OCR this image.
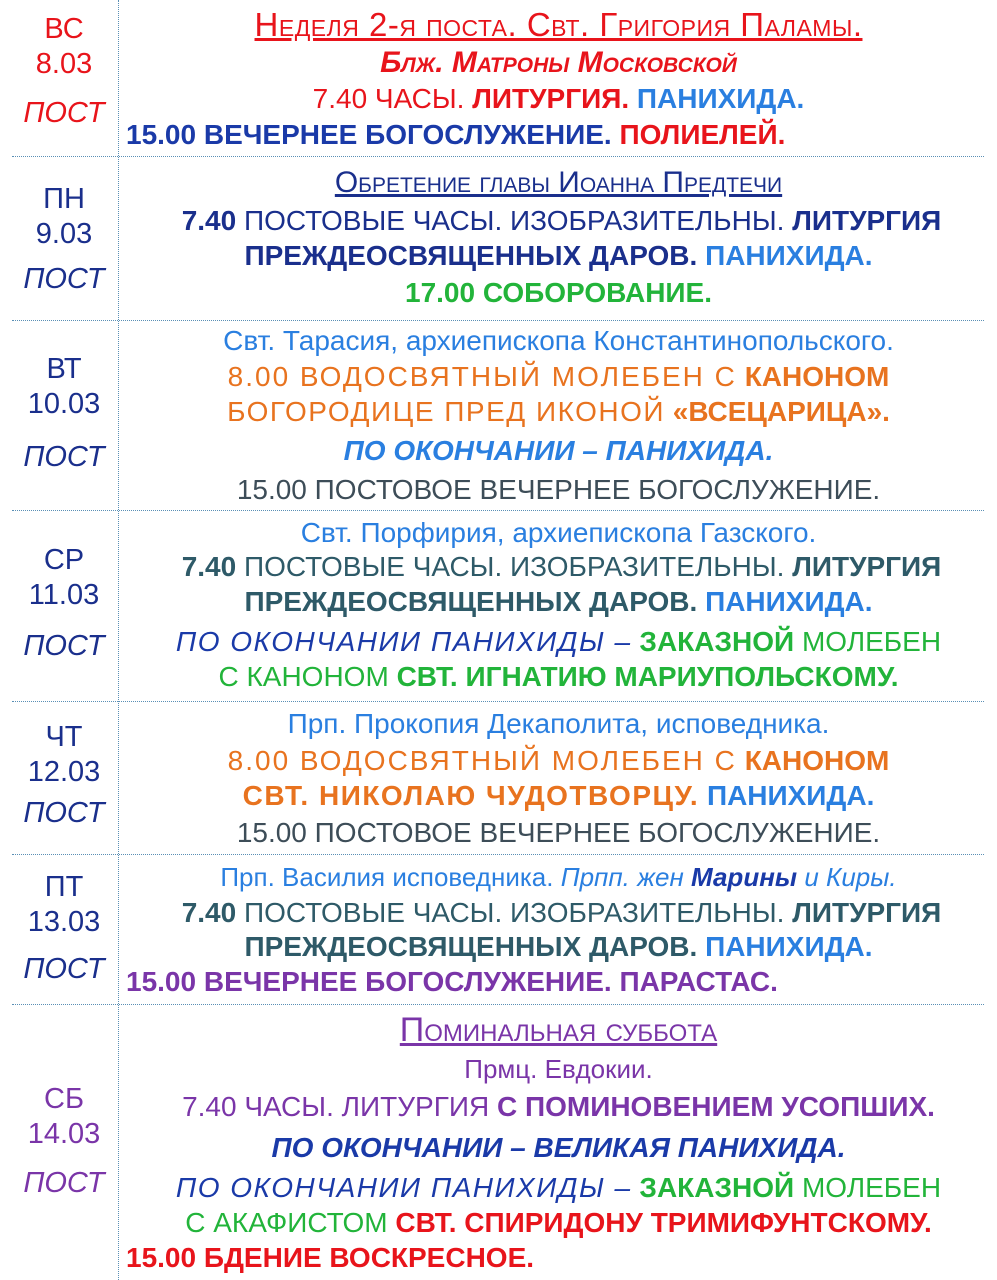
ВС
8.03
ПОСТ
ПН
9.03
ПОСТ
ВТ
10.03
ПОСТ
СР
11.03
ПОСТ
ЧТ
12.03
ПОСТ
ПТ
13.03
ПОСТ
СБ
14.03
ПОСТ
Неделя 2-я поста. Свт. Григория Паламы.
Блж. Матроны Московской
7.40 ЧАСЫ. ЛИТУРГИЯ. ПАНИХИДА.
15.00 ВЕЧЕРНЕЕ БОГОСЛУЖЕНИЕ. ПОЛИЕЛЕЙ.
Обретение главы Иоанна Предтечи
7.40 ПОСТОВЫЕ ЧАСЫ. ИЗОБРАЗИТЕЛЬНЫ. ЛИТУРГИЯ
ПРЕЖДЕОСВЯЩЕННЫХ ДАРОВ. ПАНИХИДА.
17.00 СОБОРОВАНИЕ.
Свт. Тарасия, архиепископа Константинопольского.
8.00 ВОДОСВЯТНЫЙ МОЛЕБЕН С КАНОНОМ
БОГОРОДИЦЕ ПРЕД ИКОНОЙ «ВСЕЦАРИЦА».
ПО ОКОНЧАНИИ – ПАНИХИДА.
15.00 ПОСТОВОЕ ВЕЧЕРНЕЕ БОГОСЛУЖЕНИЕ.
Свт. Порфирия, архиепископа Газского.
7.40 ПОСТОВЫЕ ЧАСЫ. ИЗОБРАЗИТЕЛЬНЫ. ЛИТУРГИЯ
ПРЕЖДЕОСВЯЩЕННЫХ ДАРОВ. ПАНИХИДА.
ПО ОКОНЧАНИИ ПАНИХИДЫ – ЗАКАЗНОЙ МОЛЕБЕН
С КАНОНОМ СВТ. ИГНАТИЮ МАРИУПОЛЬСКОМУ.
Прп. Прокопия Декаполита, исповедника.
8.00 ВОДОСВЯТНЫЙ МОЛЕБЕН С КАНОНОМ
СВТ. НИКОЛАЮ ЧУДОТВОРЦУ. ПАНИХИДА.
15.00 ПОСТОВОЕ ВЕЧЕРНЕЕ БОГОСЛУЖЕНИЕ.
Прп. Василия исповедника. Прпп. жен Марины и Киры.
7.40 ПОСТОВЫЕ ЧАСЫ. ИЗОБРАЗИТЕЛЬНЫ. ЛИТУРГИЯ
ПРЕЖДЕОСВЯЩЕННЫХ ДАРОВ. ПАНИХИДА.
15.00 ВЕЧЕРНЕЕ БОГОСЛУЖЕНИЕ. ПАРАСТАС.
Поминальная суббота
Прмц. Евдокии.
7.40 ЧАСЫ. ЛИТУРГИЯ С ПОМИНОВЕНИЕМ УСОПШИХ.
ПО ОКОНЧАНИИ – ВЕЛИКАЯ ПАНИХИДА.
ПО ОКОНЧАНИИ ПАНИХИДЫ – ЗАКАЗНОЙ МОЛЕБЕН
С АКАФИСТОМ СВТ. СПИРИДОНУ ТРИМИФУНТСКОМУ.
15.00 БДЕНИЕ ВОСКРЕСНОЕ.
